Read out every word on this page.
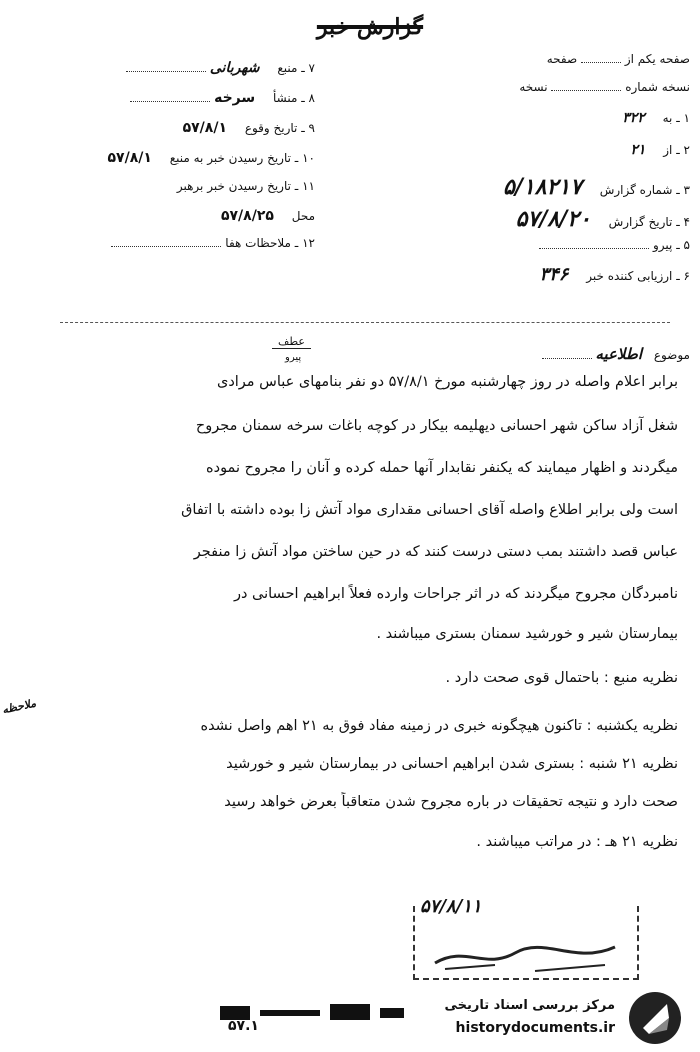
گزارش خبر
۷ ـ منبع شهربانی
۸ ـ منشأ سرخه
۹ ـ تاریخ وقوع ۵۷/۸/۱
۱۰ ـ تاریخ رسیدن خبر به منبع ۵۷/۸/۱
۱۱ ـ تاریخ رسیدن خبر برهبر
محل ۵۷/۸/۲۵
۱۲ ـ ملاحظات هفا
صفحه یکم از  صفحه
نسخه شماره  نسخه
۱ ـ به ۳۲۲
۲ ـ از ۲۱
۳ ـ شماره گزارش ۵/۱۸۲۱۷
۴ ـ تاریخ گزارش ۵۷/۸/۲۰
۵ ـ پیرو
۶ ـ ارزیابی کننده خبر ۳۴۶
عطف
پیرو	موضوع اطلاعیه
برابر اعلام واصله در روز چهارشنبه مورخ ۵۷/۸/۱ دو نفر بنامهای عباس مرادی
شغل آزاد ساکن شهر احسانی دیهلیمه بیکار در کوچه باغات سرخه سمنان مجروح
میگردند و اظهار میمایند که یکنفر نقابدار آنها حمله کرده و آنان را مجروح نموده
است ولی برابر اطلاع واصله آقای احسانی مقداری مواد آتش زا بوده داشته با اتفاق
عباس قصد داشتند بمب دستی درست کنند که در حین ساختن مواد آتش زا منفجر
نامبردگان مجروح میگردند که در اثر جراحات وارده فعلاً ابراهیم احسانی در
بیمارستان شیر و خورشید سمنان بستری میباشند .
نظریه منبع : باحتمال قوی صحت دارد .
ملاحظه
نظریه یکشنبه : تاکنون هیچگونه خبری در زمینه مفاد فوق به ۲۱ اهم واصل نشده
نظریه ۲۱ شنبه : بستری شدن ابراهیم احسانی در بیمارستان شیر و خورشید
صحت دارد و نتیجه تحقیقات در باره مجروح شدن متعاقباً بعرض خواهد رسید
نظریه ۲۱ هـ : در مراتب میباشند .
۵۷/۸/۱۱
۵۷.۱
مرکز بررسی اسناد تاریخی
historydocuments.ir
